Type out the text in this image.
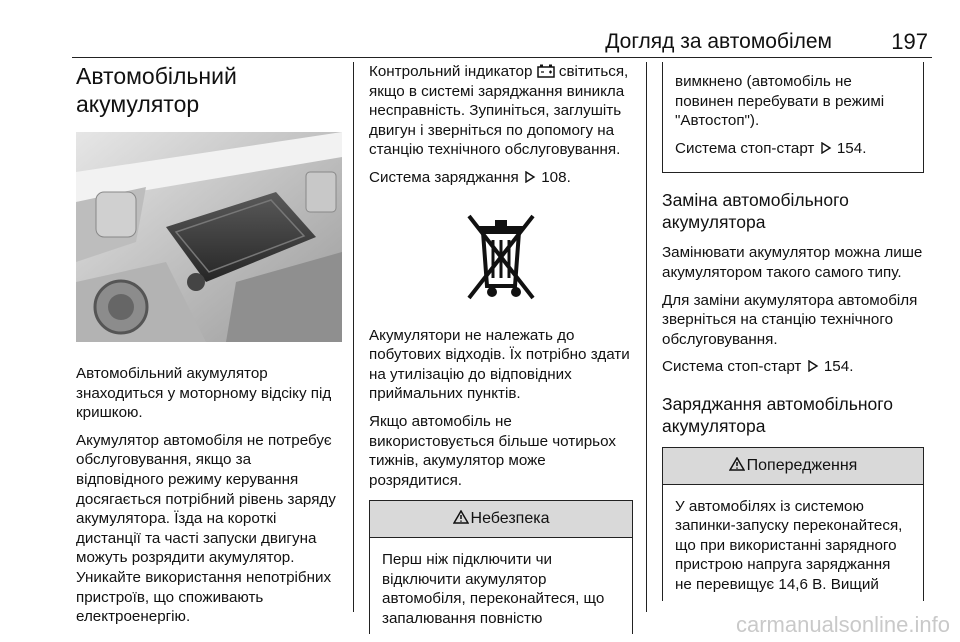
Догляд за автомобілем	197
Автомобільний
акумулятор

Автомобільний акумулятор знаходиться у моторному відсіку під кришкою.

Акумулятор автомобіля не потребує обслуговування, якщо за відповідного режиму керування досягається потрібний рівень заряду акумулятора. Їзда на короткі дистанції та часті запуски двигуна можуть розрядити акумулятор. Уникайте використання непотрібних пристроїв, що споживають електроенергію.

Контрольний індикатор світиться, якщо в системі заряджання виникла несправність. Зупиніться, заглушіть двигун і зверніться по допомогу на станцію технічного обслуговування.

Система заряджання 108.

Акумулятори не належать до побутових відходів. Їх потрібно здати на утилізацію до відповідних приймальних пунктів.

Якщо автомобіль не використовується більше чотирьох тижнів, акумулятор може розрядитися.

Небезпека
Перш ніж підключити чи відключити акумулятор автомобіля, переконайтеся, що запалювання повністю

вимкнено (автомобіль не повинен перебувати в режимі "Автостоп").

Система стоп-старт 154.

Заміна автомобільного акумулятора

Замінювати акумулятор можна лише акумулятором такого самого типу.

Для заміни акумулятора автомобіля зверніться на станцію технічного обслуговування.

Система стоп-старт 154.

Заряджання автомобільного акумулятора
Попередження
У автомобілях із системою запинки-запуску переконайтеся, що при використанні зарядного пристрою напруга заряджання не перевищує 14,6 В. Вищий
carmanualsonline.info
